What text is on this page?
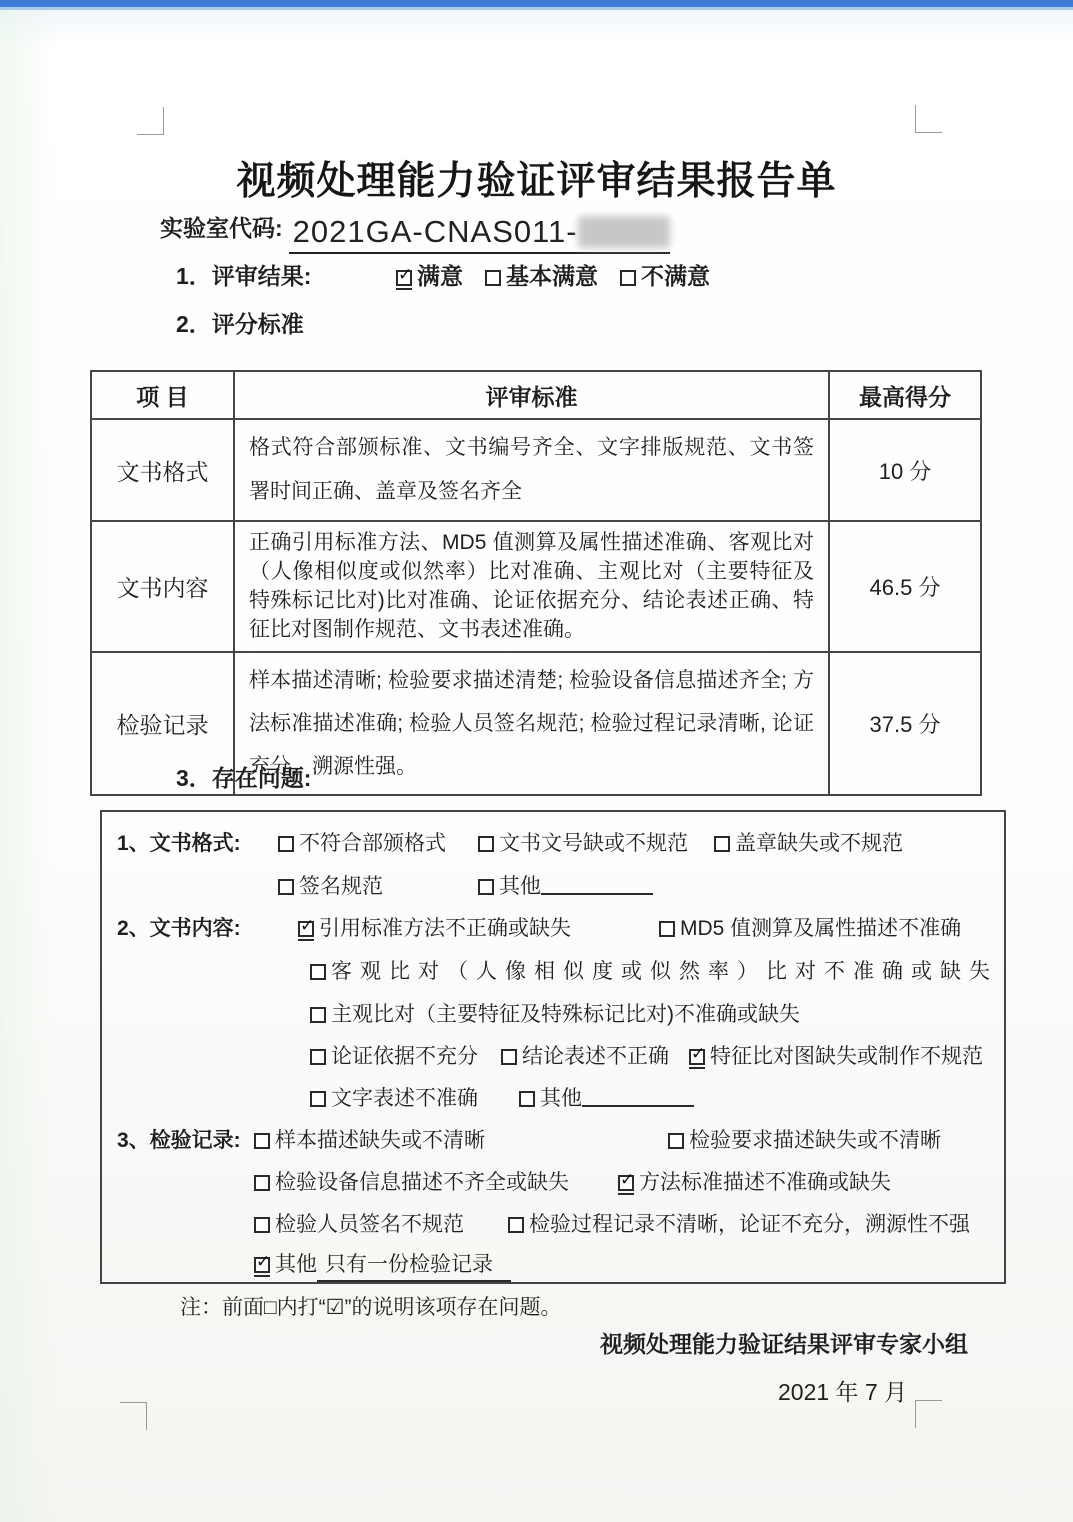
视频处理能力验证评审结果报告单
实验室代码: 2021GA-CNAS011-
1．评审结果: ✓	满意	基本满意	不满意
2．评分标准
项 目	评审标准	最高得分
文书格式	格式符合部颁标准、文书编号齐全、文字排版规范、文书签署时间正确、盖章及签名齐全	10 分
文书内容	正确引用标准方法、MD5 值测算及属性描述准确、客观比对（人像相似度或似然率）比对准确、主观比对（主要特征及特殊标记比对)比对准确、论证依据充分、结论表述正确、特征比对图制作规范、文书表述准确。	46.5 分
检验记录	样本描述清晰; 检验要求描述清楚; 检验设备信息描述齐全; 方法标准描述准确; 检验人员签名规范; 检验过程记录清晰, 论证充分，溯源性强。	37.5 分
3．存在问题:
1、文书格式:	不符合部颁格式	文书文号缺或不规范	盖章缺失或不规范
签名规范	其他
2、文书内容: ✓	引用标准方法不正确或缺失	MD5 值测算及属性描述不准确
客观比对（人像相似度或似然率）比对不准确或缺失
主观比对（主要特征及特殊标记比对)不准确或缺失
论证依据不充分	结论表述不正确 ✓	特征比对图缺失或制作不规范
文字表述不准确	其他
3、检验记录:	样本描述缺失或不清晰	检验要求描述缺失或不清晰
检验设备信息描述不齐全或缺失 ✓	方法标准描述不准确或缺失
检验人员签名不规范	检验过程记录不清晰，论证不充分，溯源性不强
✓其他 只有一份检验记录
注：前面□内打“☑”的说明该项存在问题。
视频处理能力验证结果评审专家小组
2021 年 7 月
